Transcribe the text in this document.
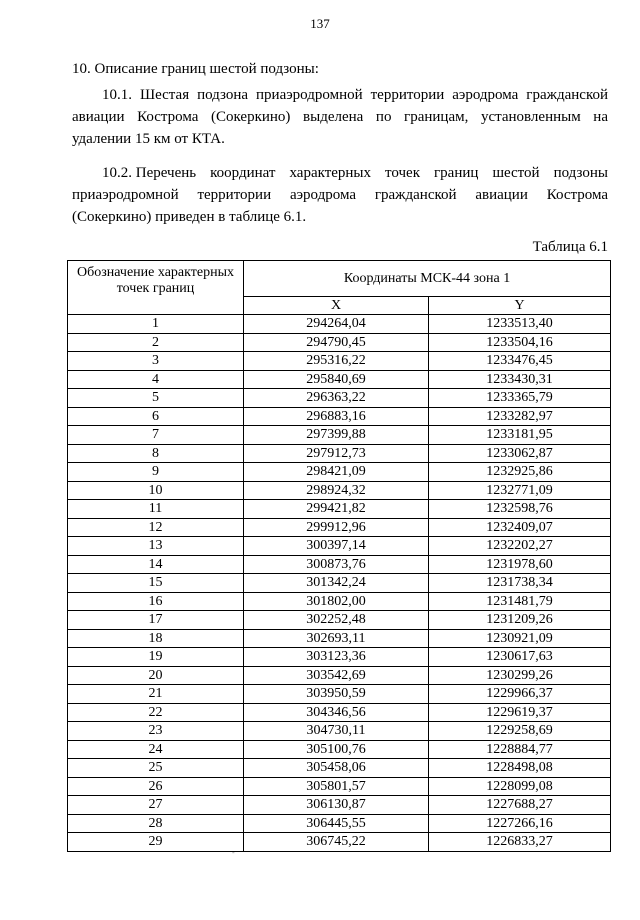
137

10. Описание границ шестой подзоны:

10.1. Шестая подзона приаэродромной территории аэродрома гражданской авиации Кострома (Сокеркино) выделена по границам, установленным на удалении 15 км от КТА.

10.2. Перечень координат характерных точек границ шестой подзоны
приаэродромной территории аэродрома гражданской авиации Кострома
(Сокеркино) приведен в таблице 6.1.
Таблица 6.1
Обозначение характерных точек границ	Координаты МСК-44 зона 1	
	X	Y
1	294264,04	1233513,40
2	294790,45	1233504,16
3	295316,22	1233476,45
4	295840,69	1233430,31
5	296363,22	1233365,79
6	296883,16	1233282,97
7	297399,88	1233181,95
8	297912,73	1233062,87
9	298421,09	1232925,86
10	298924,32	1232771,09
11	299421,82	1232598,76
12	299912,96	1232409,07
13	300397,14	1232202,27
14	300873,76	1231978,60
15	301342,24	1231738,34
16	301802,00	1231481,79
17	302252,48	1231209,26
18	302693,11	1230921,09
19	303123,36	1230617,63
20	303542,69	1230299,26
21	303950,59	1229966,37
22	304346,56	1229619,37
23	304730,11	1229258,69
24	305100,76	1228884,77
25	305458,06	1228498,08
26	305801,57	1228099,08
27	306130,87	1227688,27
28	306445,55	1227266,16
29	306745,22	1226833,27
-
